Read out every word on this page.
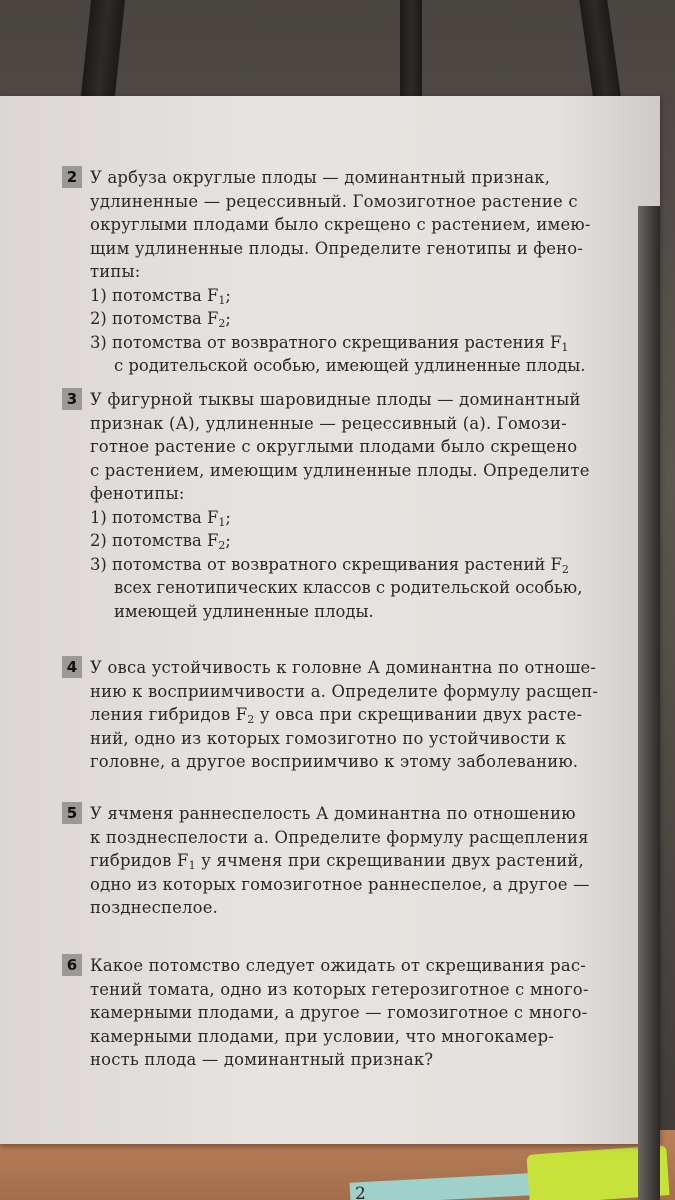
2 У арбуза округлые плоды — доминантный признак,
удлиненные — рецессивный. Гомозиготное растение с
округлыми плодами было скрещено с растением, имею-
щим удлиненные плоды. Определите генотипы и фено-
типы:
1) потомства $F_1$;
2) потомства $F_2$;
3) потомства от возвратного скрещивания растения $F_1$
с родительской особью, имеющей удлиненные плоды.
3 У фигурной тыквы шаровидные плоды — доминантный
признак (А), удлиненные — рецессивный (а). Гомози-
готное растение с округлыми плодами было скрещено
с растением, имеющим удлиненные плоды. Определите
фенотипы:
1) потомства $F_1$;
2) потомства $F_2$;
3) потомства от возвратного скрещивания растений $F_2$
всех генотипических классов с родительской особью,
имеющей удлиненные плоды.
4 У овса устойчивость к головне А доминантна по отноше-
нию к восприимчивости а. Определите формулу расщеп-
ления гибридов $F_2$ у овса при скрещивании двух расте-
ний, одно из которых гомозиготно по устойчивости к
головне, а другое восприимчиво к этому заболеванию.
5 У ячменя раннеспелость А доминантна по отношению
к позднеспелости а. Определите формулу расщепления
гибридов $F_1$ у ячменя при скрещивании двух растений,
одно из которых гомозиготное раннеспелое, а другое —
позднеспелое.
6 Какое потомство следует ожидать от скрещивания рас-
тений томата, одно из которых гетерозиготное с много-
камерными плодами, а другое — гомозиготное с много-
камерными плодами, при условии, что многокамер-
ность плода — доминантный признак?
2
